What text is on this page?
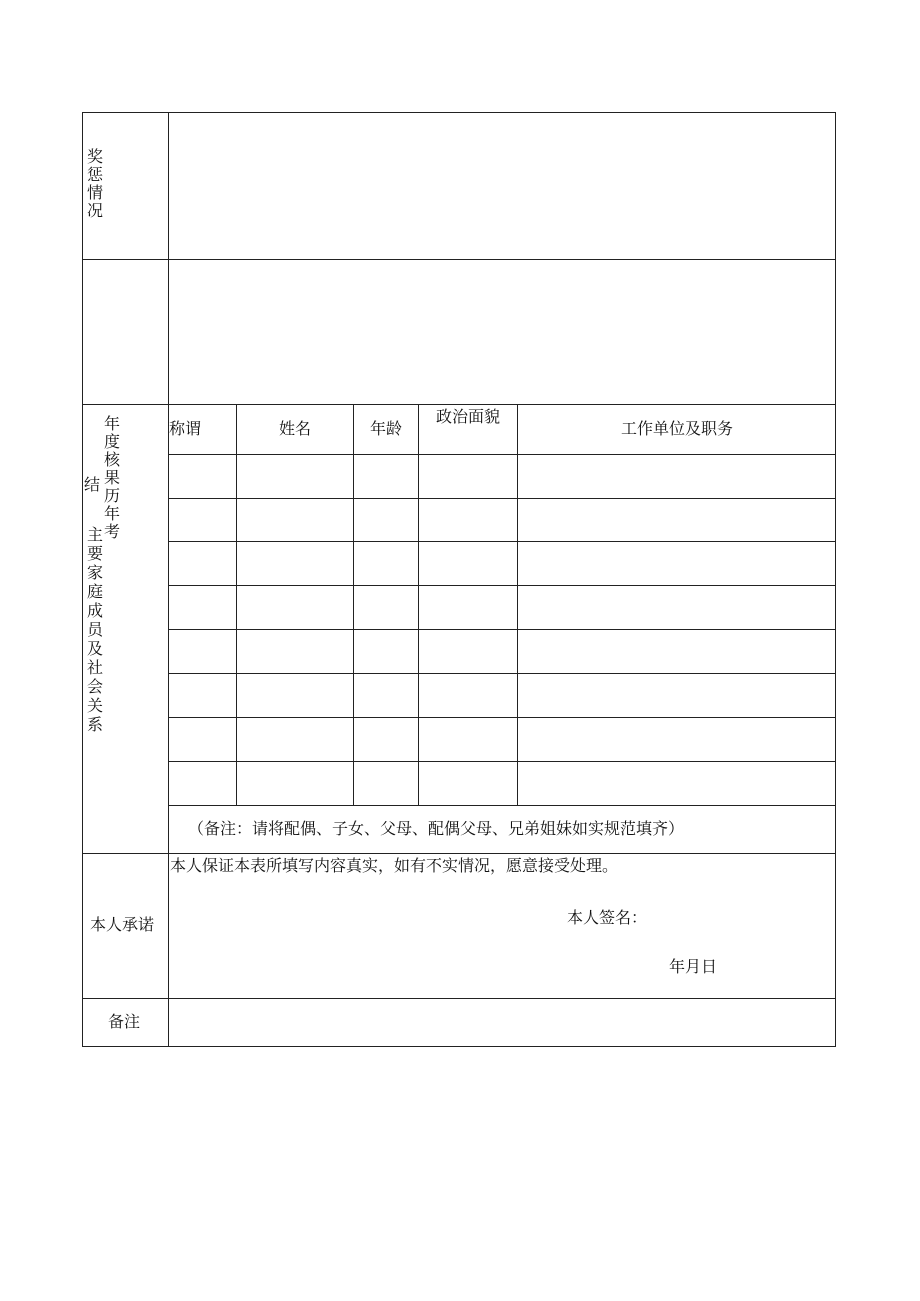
奖
惩
情
况
结
年
度
核
果
历
年
考
主
要
家
庭
成
员
及
社
会
关
系
本人承诺
备注
称谓	姓名	年龄
政治面貌
工作单位及职务
（备注：请将配偶、子女、父母、配偶父母、兄弟姐妹如实规范填齐）
本人保证本表所填写内容真实，如有不实情况，愿意接受处理。
本人签名：
年月日
